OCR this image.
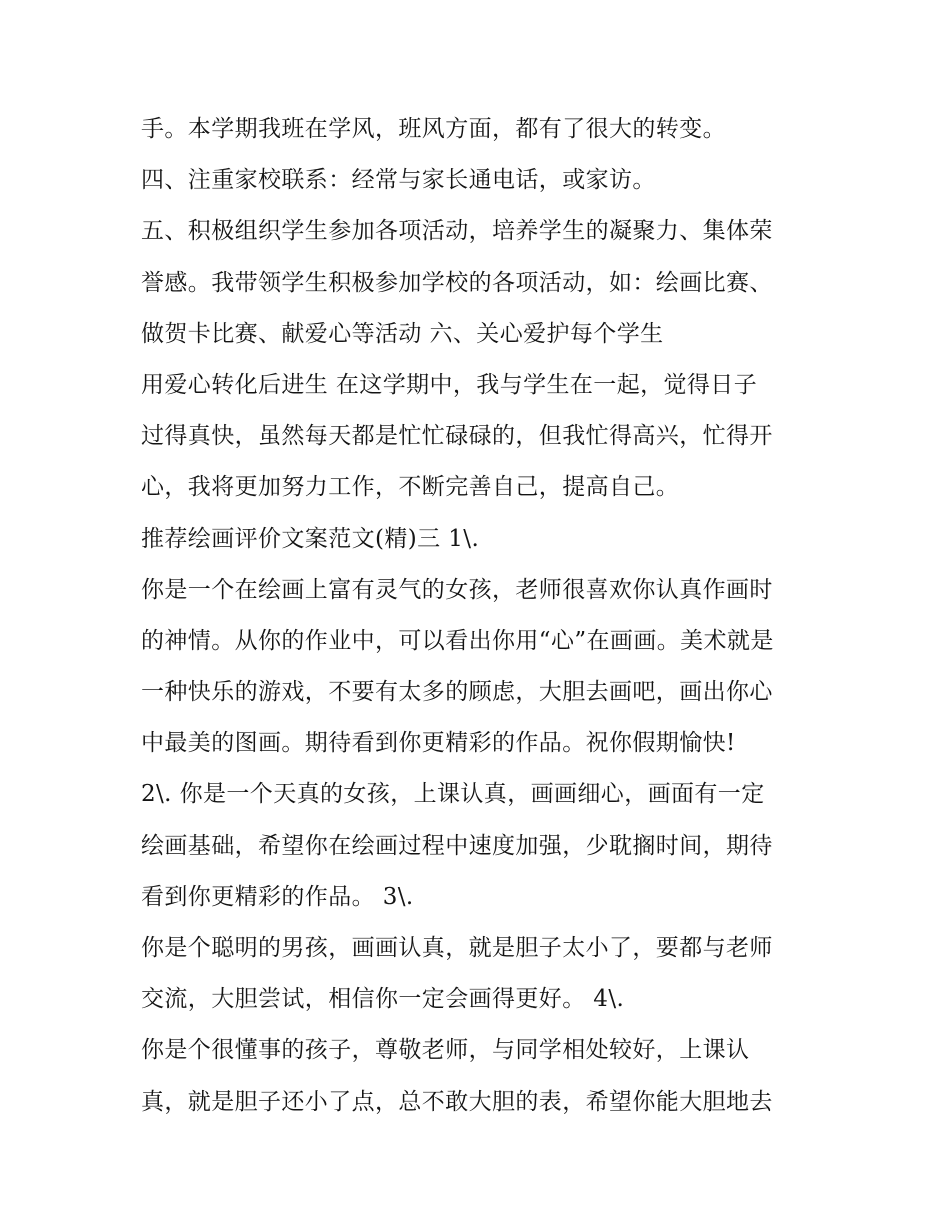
手。本学期我班在学风，班风方面，都有了很大的转变。
四、注重家校联系：经常与家长通电话，或家访。
五、积极组织学生参加各项活动，培养学生的凝聚力、集体荣
誉感。我带领学生积极参加学校的各项活动，如：绘画比赛、
做贺卡比赛、献爱心等活动 六、关心爱护每个学生
用爱心转化后进生 在这学期中，我与学生在一起，觉得日子
过得真快，虽然每天都是忙忙碌碌的，但我忙得高兴，忙得开
心，我将更加努力工作，不断完善自己，提高自己。
推荐绘画评价文案范文(精)三 1\.
你是一个在绘画上富有灵气的女孩，老师很喜欢你认真作画时
的神情。从你的作业中，可以看出你用“心”在画画。美术就是
一种快乐的游戏，不要有太多的顾虑，大胆去画吧，画出你心
中最美的图画。期待看到你更精彩的作品。祝你假期愉快!
2\. 你是一个天真的女孩，上课认真，画画细心，画面有一定
绘画基础，希望你在绘画过程中速度加强，少耽搁时间，期待
看到你更精彩的作品。 3\.
你是个聪明的男孩，画画认真，就是胆子太小了，要都与老师
交流，大胆尝试，相信你一定会画得更好。 4\.
你是个很懂事的孩子，尊敬老师，与同学相处较好，上课认
真，就是胆子还小了点，总不敢大胆的表，希望你能大胆地去
